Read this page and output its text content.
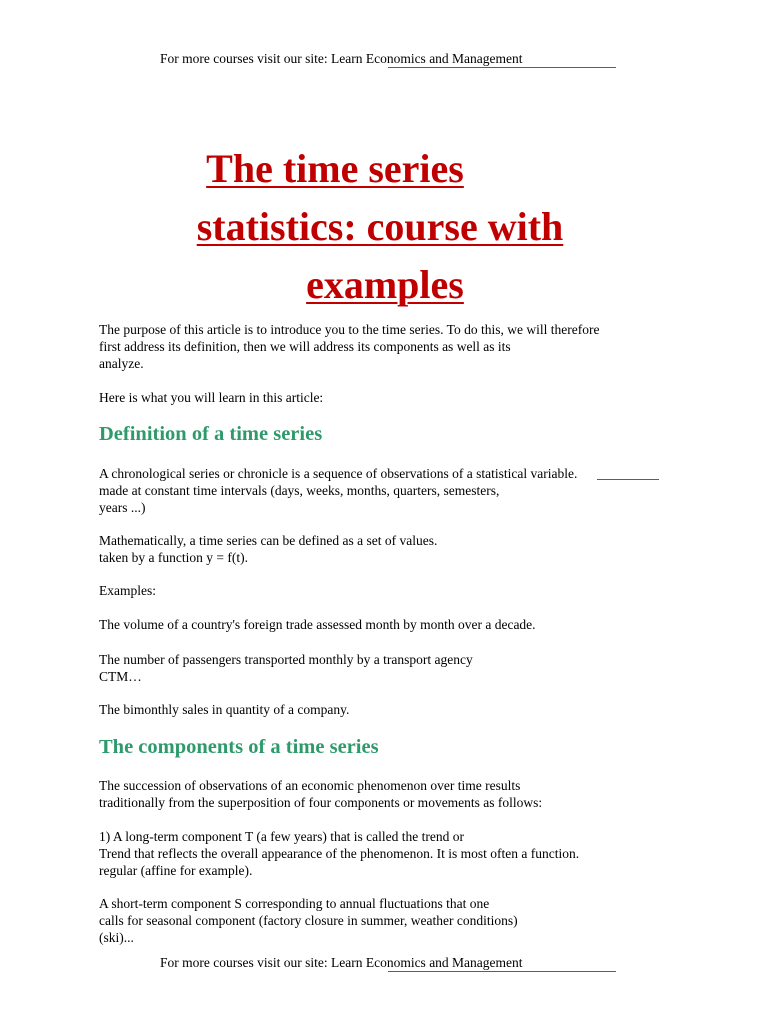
For more courses visit our site: Learn Economics and Management
The time series
statistics: course with
examples
The purpose of this article is to introduce you to the time series. To do this, we will therefore
first address its definition, then we will address its components as well as its
analyze.
Here is what you will learn in this article:
Definition of a time series
A chronological series or chronicle is a sequence of observations of a statistical variable.
made at constant time intervals (days, weeks, months, quarters, semesters,
years ...)
Mathematically, a time series can be defined as a set of values.
taken by a function y = f(t).
Examples:
The volume of a country's foreign trade assessed month by month over a decade.
The number of passengers transported monthly by a transport agency
CTM…
The bimonthly sales in quantity of a company.
The components of a time series
The succession of observations of an economic phenomenon over time results
traditionally from the superposition of four components or movements as follows:
1) A long-term component T (a few years) that is called the trend or
Trend that reflects the overall appearance of the phenomenon. It is most often a function.
regular (affine for example).
A short-term component S corresponding to annual fluctuations that one
calls for seasonal component (factory closure in summer, weather conditions)
(ski)...
For more courses visit our site: Learn Economics and Management
